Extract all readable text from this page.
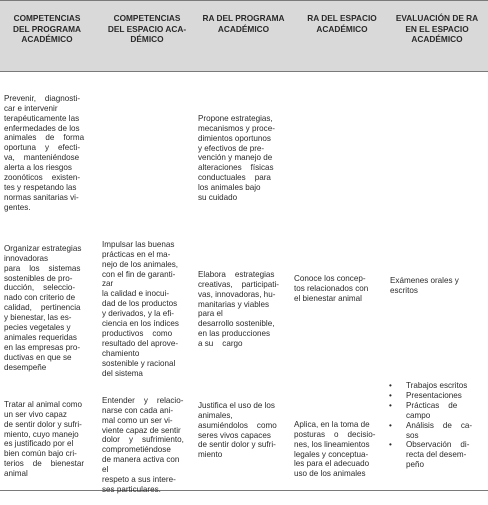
COMPETENCIAS
DEL PROGRAMA
ACADÉMICO
COMPETENCIAS
DEL ESPACIO ACA-
DÉMICO
RA DEL PROGRAMA
ACADÉMICO
RA DEL ESPACIO
ACADÉMICO
EVALUACIÓN DE RA
EN EL ESPACIO
ACADÉMICO

Prevenir,    diagnosti-
car e intervenir
terapéuticamente las
enfermedades de los
animales    de    forma
oportuna    y    efecti-
va,    manteniéndose
alerta a los riesgos
zoonóticos    existen-
tes y respetando las
normas sanitarias vi-
gentes.

Propone estrategias,
mecanismos y proce-
dimientos oportunos
y efectivos de pre-
vención y manejo de
alteraciones    físicas
conductuales    para
los animales bajo
su cuidado

Organizar estrategias
innovadoras
para    los    sistemas
sostenibles de pro-
ducción,    seleccio-
nado con criterio de
calidad,    pertinencia
y bienestar, las es-
pecies vegetales y
animales requeridas
en las empresas pro-
ductivas en que se
desempeñe

Impulsar las buenas
prácticas en el ma-
nejo de los animales,
con el fin de garanti-
zar
la calidad e inocui-
dad de los productos
y derivados, y la efi-
ciencia en los índices
productivos    como
resultado del aprove-
chamiento
sostenible y racional
del sistema

Elabora    estrategias
creativas,    participati-
vas, innovadoras, hu-
manitarias y viables
para el
desarrollo sostenible,
en las producciones
a su    cargo

Conoce los concep-
tos relacionados con
el bienestar animal

Exámenes orales y
escritos

Tratar al animal como
un ser vivo capaz
de sentir dolor y sufri-
miento, cuyo manejo
es justificado por el
bien común bajo cri-
terios    de    bienestar
animal

Entender    y    relacio-
narse con cada ani-
mal como un ser vi-
viente capaz de sentir
dolor    y    sufrimiento,
comprometiéndose
de manera activa con
el
respeto a sus intere-
ses particulares.

Justifica el uso de los
animales,
asumiéndolos    como
seres vivos capaces
de sentir dolor y sufri-
miento

Aplica, en la toma de
posturas    o    decisio-
nes, los lineamientos
legales y conceptua-
les para el adecuado
uso de los animales

• Trabajos escritos
• Presentaciones
• Prácticas    de
campo
• Análisis    de    ca-
sos
• Observación    di-
recta del desem-
peño
